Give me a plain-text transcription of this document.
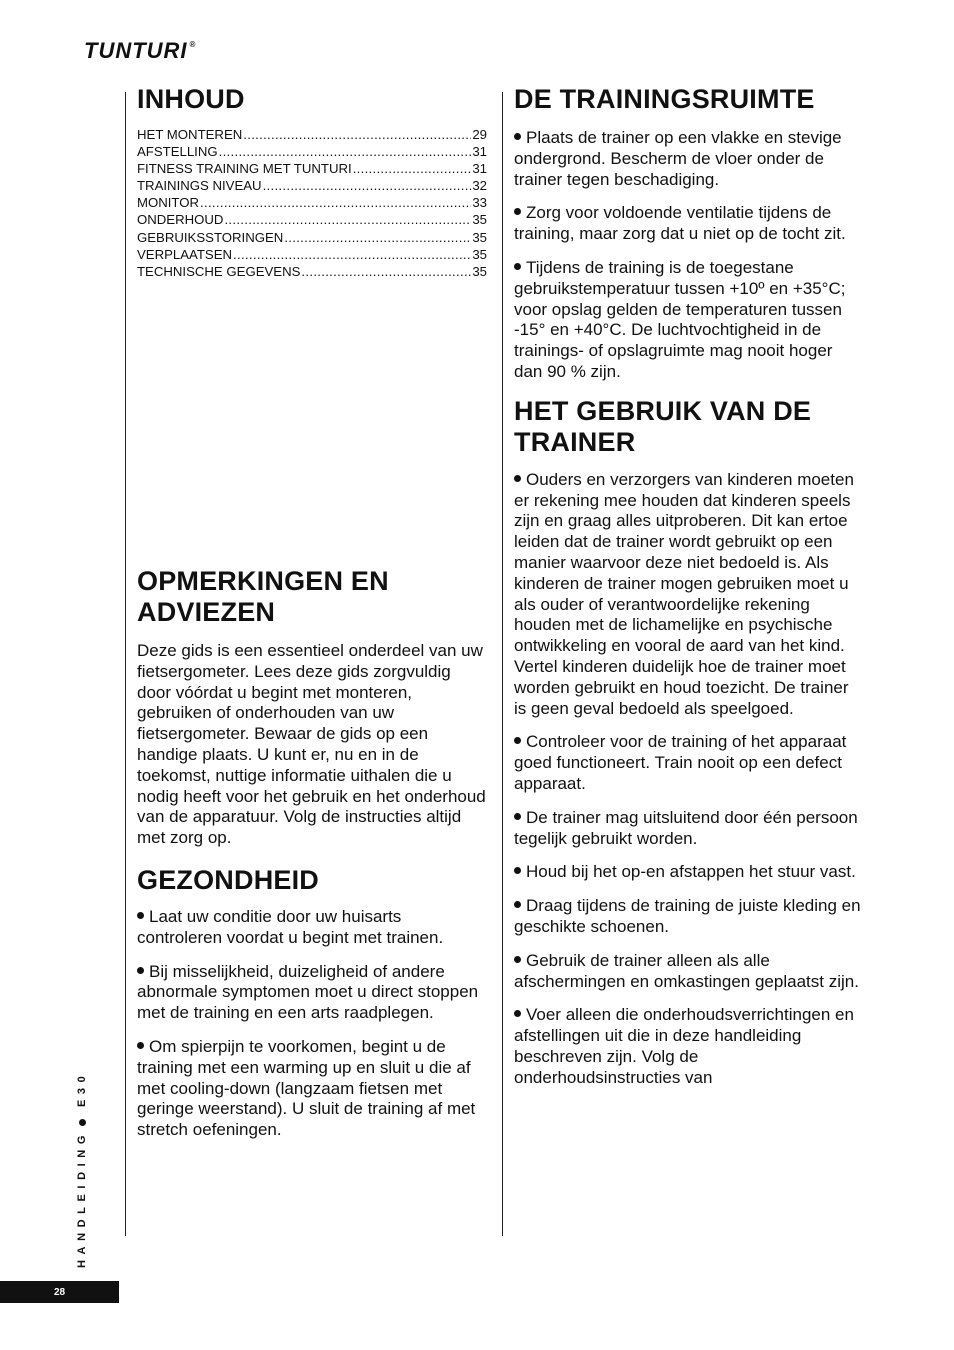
TUNTURI ®
INHOUD
HET MONTEREN .....	29
AFSTELLING .....	31
FITNESS TRAINING MET TUNTURI .....	31
TRAININGS NIVEAU .....	32
MONITOR .....	33
ONDERHOUD .....	35
GEBRUIKSSTORINGEN .....	35
VERPLAATSEN .....	35
TECHNISCHE GEGEVENS .....	35
OPMERKINGEN EN ADVIEZEN

Deze gids is een essentieel onderdeel van uw fietsergometer. Lees deze gids zorgvuldig door vóórdat u begint met monteren, gebruiken of onderhouden van uw fietsergometer. Bewaar de gids op een handige plaats. U kunt er, nu en in de toekomst, nuttige informatie uithalen die u nodig heeft voor het gebruik en het onderhoud van de apparatuur. Volg de instructies altijd met zorg op.

GEZONDHEID

Laat uw conditie door uw huisarts controleren voordat u begint met trainen.

Bij misselijkheid, duizeligheid of andere abnormale symptomen moet u direct stoppen met de training en een arts raadplegen.

Om spierpijn te voorkomen, begint u de training met een warming up en sluit u die af met cooling-down (langzaam fietsen met geringe weerstand). U sluit de training af met stretch oefeningen.

DE TRAININGSRUIMTE

Plaats de trainer op een vlakke en stevige ondergrond. Bescherm de vloer onder de trainer tegen beschadiging.

Zorg voor voldoende ventilatie tijdens de training, maar zorg dat u niet op de tocht zit.

Tijdens de training is de toegestane gebruikstemperatuur tussen +10º en +35°C; voor opslag gelden de temperaturen tussen -15° en +40°C. De luchtvochtigheid in de trainings- of opslagruimte mag nooit hoger dan 90 % zijn.

HET GEBRUIK VAN DE TRAINER

Ouders en verzorgers van kinderen moeten er rekening mee houden dat kinderen speels zijn en graag alles uitproberen. Dit kan ertoe leiden dat de trainer wordt gebruikt op een manier waarvoor deze niet bedoeld is. Als kinderen de trainer mogen gebruiken moet u als ouder of verantwoordelijke rekening houden met de lichamelijke en psychische ontwikkeling en vooral de aard van het kind. Vertel kinderen duidelijk hoe de trainer moet worden gebruikt en houd toezicht. De trainer is geen geval bedoeld als speelgoed.

Controleer voor de training of het apparaat goed functioneert. Train nooit op een defect apparaat.

De trainer mag uitsluitend door één persoon tegelijk gebruikt worden.

Houd bij het op-en afstappen het stuur vast.

Draag tijdens de training de juiste kleding en geschikte schoenen.

Gebruik de trainer alleen als alle afschermingen en omkastingen geplaatst zijn.

Voer alleen die onderhoudsverrichtingen en afstellingen uit die in deze handleiding beschreven zijn. Volg de onderhoudsinstructies van

HANDLEIDING
E30
28
